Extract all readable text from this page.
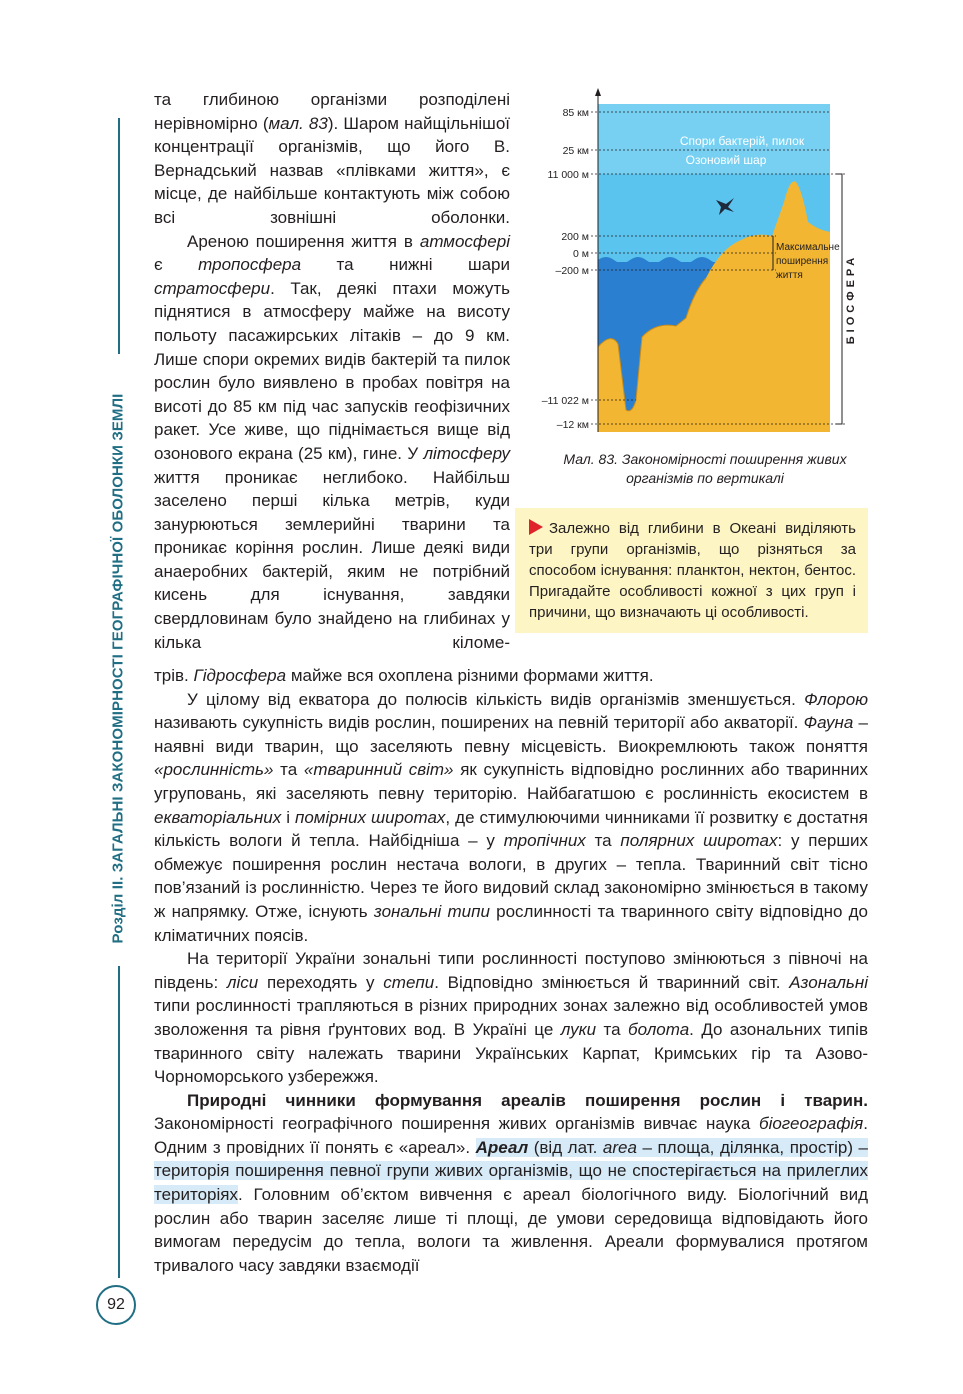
Розділ ІІ. ЗАГАЛЬНІ ЗАКОНОМІРНОСТІ ГЕОГРАФІЧНОЇ ОБОЛОНКИ ЗЕМЛІ
92

та глибиною організми розподілені нерівномірно (мал. 83). Шаром найщільнішої концентрації організмів, що його В. Вернадський назвав «плівками життя», є місце, де найбільше контактують між собою всі зовнішні оболонки.

Ареною поширення життя в атмосфері є тропосфера та нижні шари стратосфери. Так, деякі птахи можуть піднятися в атмосферу майже на висоту польоту пасажирських літаків – до 9 км. Лише спори окремих видів бактерій та пилок рослин було виявлено в пробах повітря на висоті до 85 км під час запусків геофізичних ракет. Усе живе, що піднімається вище від озонового екрана (25 км), гине. У літосферу життя проникає неглибоко. Найбільш заселено перші кілька метрів, куди занурюються землерийні тварини та проникає коріння рослин. Лише деякі види анаеробних бактерій, яким не потрібний кисень для існування, завдяки свердловинам було знайдено на глибинах у кілька кіломе-

85 км
25 км
11 000 м
200 м
0 м
–200 м
–11 022 м
–12 км
Спори бактерій, пилок
Озоновий шар
Максимальне
поширення
життя	БІОСФЕРА
Мал. 83. Закономірності поширення живих організмів по вертикалі
Залежно від глибини в Океані виділяють три групи організмів, що різняться за способом існування: планктон, нектон, бентос. Пригадайте особливості кожної з цих груп і причини, що визначають ці особливості.

трів. Гідросфера майже вся охоплена різними формами життя.

У цілому від екватора до полюсів кількість видів організмів зменшується. Флорою називають сукупність видів рослин, поширених на певній території або акваторії. Фауна – наявні види тварин, що заселяють певну місцевість. Виокремлюють також поняття «рослинність» та «тваринний світ» як сукупність відповідно рослинних або тваринних угруповань, які заселяють певну територію. Найбагатшою є рослинність екосистем в екваторіальних і помірних широтах, де стимулюючими чинниками її розвитку є достатня кількість вологи й тепла. Найбідніша – у тропічних та полярних широтах: у перших обмежує поширення рослин нестача вологи, в других – тепла. Тваринний світ тісно пов’язаний із рослинністю. Через те його видовий склад закономірно змінюється в такому ж напрямку. Отже, існують зональні типи рослинності та тваринного світу відповідно до кліматичних поясів.

На території України зональні типи рослинності поступово змінюються з півночі на південь: ліси переходять у степи. Відповідно змінюється й тваринний світ. Азональні типи рослинності трапляються в різних природних зонах залежно від особливостей умов зволоження та рівня ґрунтових вод. В Україні це луки та болота. До азональних типів тваринного світу належать тварини Українських Карпат, Кримських гір та Азово-Чорноморського узбережжя.

Природні чинники формування ареалів поширення рослин і тварин. Закономірності географічного поширення живих організмів вивчає наука біогеографія. Одним з провідних її понять є «ареал». Ареал (від лат. area – площа, ділянка, простір) – територія поширення певної групи живих організмів, що не спостерігається на прилеглих територіях. Головним об’єктом вивчення є ареал біологічного виду. Біологічний вид рослин або тварин заселяє лише ті площі, де умови середовища відповідають його вимогам передусім до тепла, вологи та живлення. Ареали формувалися протягом тривалого часу завдяки взаємодії
